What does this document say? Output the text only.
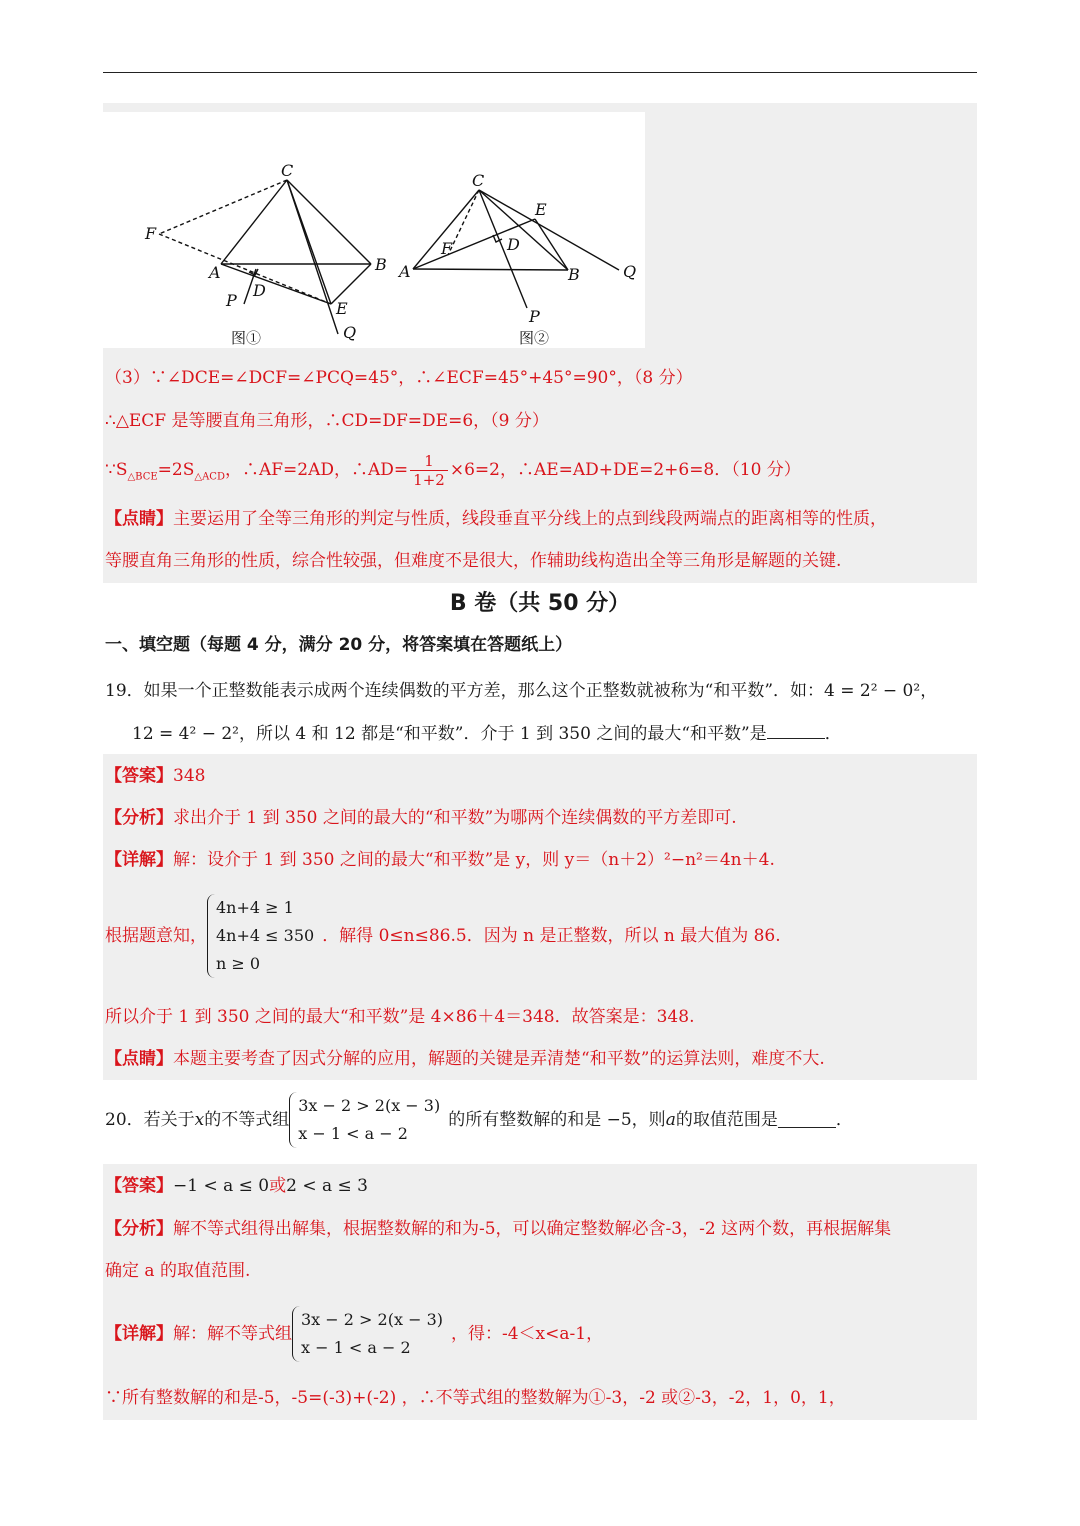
C
F
A	B
P
D
E
Q
图①
C
E
F	D
A	B	Q
P
图②
（3）∵∠DCE=∠DCF=∠PCQ=45°，∴∠ECF=45°+45°=90°，（8 分）
∴△ECF 是等腰直角三角形，∴CD=DF=DE=6，（9 分）
$\because S_{\triangle BCE}=2S_{\triangle ACD}$，∴AF=2AD，∴AD= $\frac{1}{1+2} \times 6=2$，∴AE=AD+DE=2+6=8．（10 分）
【点睛】主要运用了全等三角形的判定与性质，线段垂直平分线上的点到线段两端点的距离相等的性质，
等腰直角三角形的性质，综合性较强，但难度不是很大，作辅助线构造出全等三角形是解题的关键.
B 卷（共 50 分）
一、填空题（每题 4 分，满分 20 分，将答案填在答题纸上）
19．如果一个正整数能表示成两个连续偶数的平方差，那么这个正整数就被称为“和平数”．如：4 = 2² − 0²，
12 = 4² − 2²，所以 4 和 12 都是“和平数”．介于 1 到 350 之间的最大“和平数”是	．
【答案】348
【分析】求出介于 1 到 350 之间的最大的“和平数”为哪两个连续偶数的平方差即可.
【详解】解：设介于 1 到 350 之间的最大“和平数”是 y，则 y＝（n＋2）²−n²＝4n＋4.
根据题意知，
4n+4 ≥ 1
4n+4 ≤ 350
n ≥ 0
．解得 0≤n≤86.5．因为 n 是正整数，所以 n 最大值为 86.
所以介于 1 到 350 之间的最大“和平数”是 4×86＋4＝348．故答案是：348.
【点睛】本题主要考查了因式分解的应用，解题的关键是弄清楚“和平数”的运算法则，难度不大.
20．若关于x的不等式组
3x − 2 > 2(x − 3)
x − 1 < a − 2
的所有整数解的和是 −5，则a的取值范围是	．
【答案】−1 < a ≤ 0或2 < a ≤ 3
【分析】解不等式组得出解集，根据整数解的和为-5，可以确定整数解必含-3，-2 这两个数，再根据解集
确定 a 的取值范围.
【详解】解：解不等式组
3x − 2 > 2(x − 3)
x − 1 < a − 2
，得：-4＜x<a-1，
∵所有整数解的和是-5，-5=(-3)+(-2) ，∴不等式组的整数解为①-3，-2 或②-3，-2，1，0，1，
